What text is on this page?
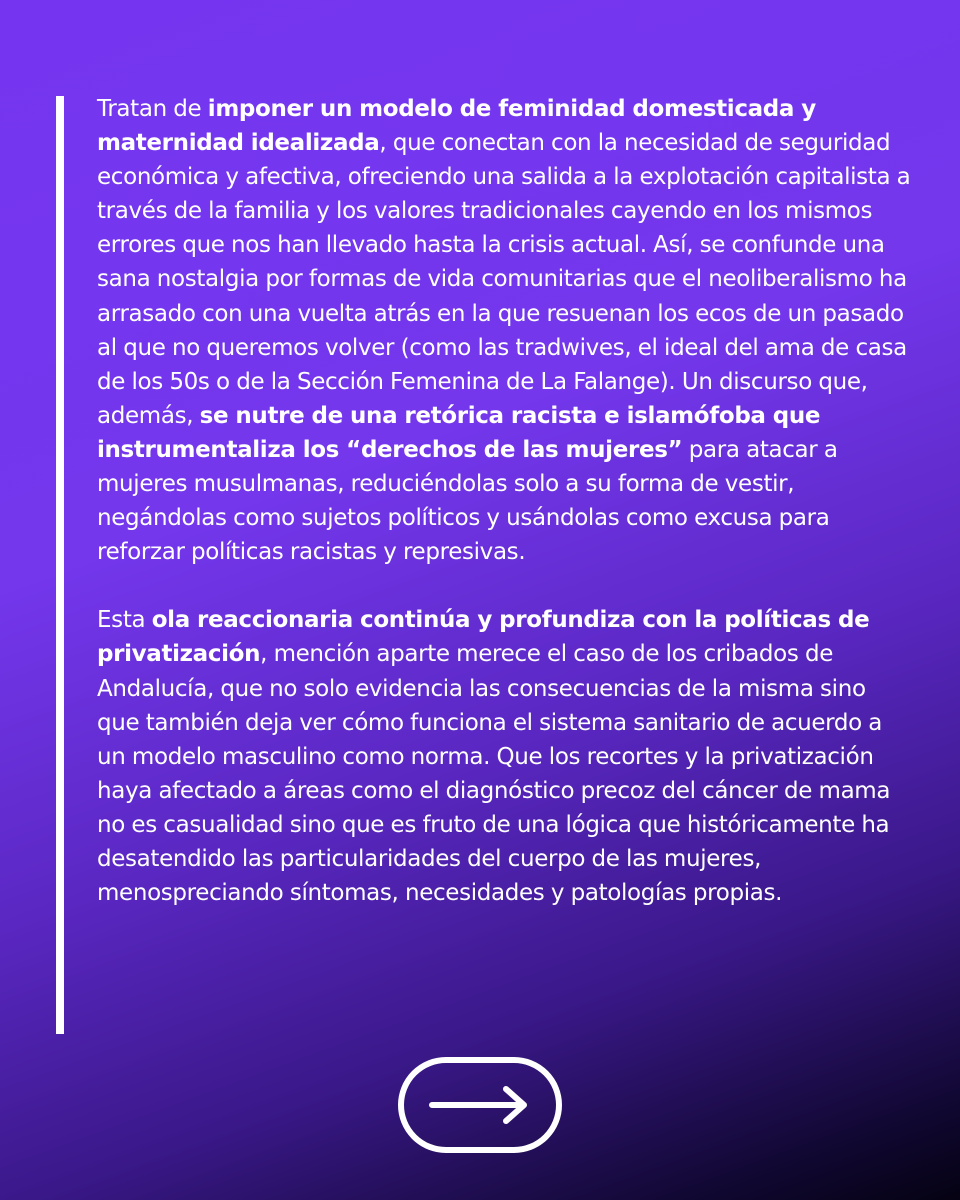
Tratan de imponer un modelo de feminidad domesticada y maternidad idealizada, que conectan con la necesidad de seguridad económica y afectiva, ofreciendo una salida a la explotación capitalista a través de la familia y los valores tradicionales cayendo en los mismos errores que nos han llevado hasta la crisis actual. Así, se confunde una sana nostalgia por formas de vida comunitarias que el neoliberalismo ha arrasado con una vuelta atrás en la que resuenan los ecos de un pasado al que no queremos volver (como las tradwives, el ideal del ama de casa de los 50s o de la Sección Femenina de La Falange). Un discurso que, además, se nutre de una retórica racista e islamófoba que instrumentaliza los “derechos de las mujeres” para atacar a mujeres musulmanas, reduciéndolas solo a su forma de vestir, negándolas como sujetos políticos y usándolas como excusa para reforzar políticas racistas y represivas.

Esta ola reaccionaria continúa y profundiza con la políticas de privatización, mención aparte merece el caso de los cribados de Andalucía, que no solo evidencia las consecuencias de la misma sino que también deja ver cómo funciona el sistema sanitario de acuerdo a un modelo masculino como norma. Que los recortes y la privatización haya afectado a áreas como el diagnóstico precoz del cáncer de mama no es casualidad sino que es fruto de una lógica que históricamente ha desatendido las particularidades del cuerpo de las mujeres, menospreciando síntomas, necesidades y patologías propias.
